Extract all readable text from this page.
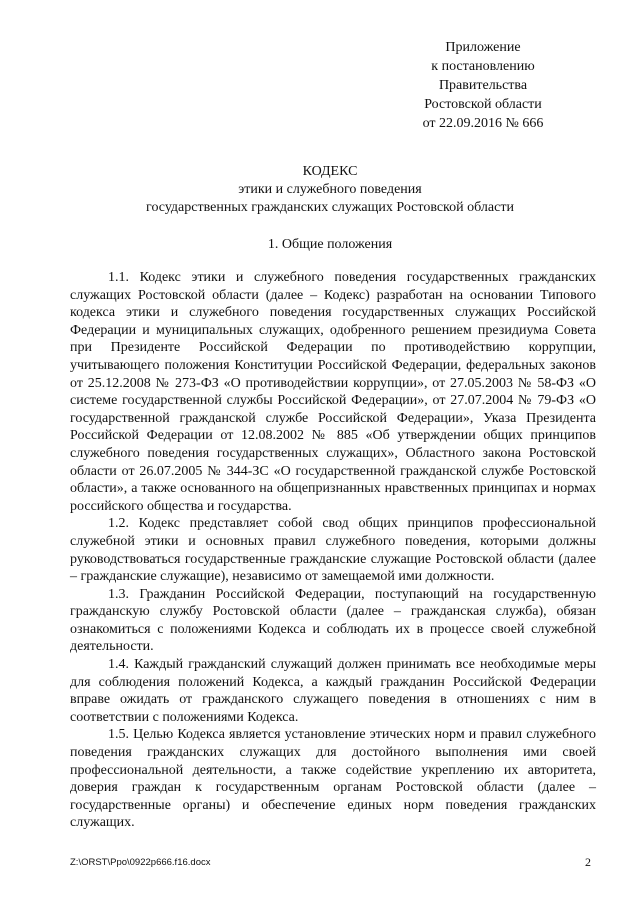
Приложение
к постановлению
Правительства
Ростовской области
от 22.09.2016 № 666
КОДЕКС
этики и служебного поведения
государственных гражданских служащих Ростовской области
1. Общие положения

1.1. Кодекс этики и служебного поведения государственных гражданских служащих Ростовской области (далее – Кодекс) разработан на основании Типового кодекса этики и служебного поведения государственных служащих Российской Федерации и муниципальных служащих, одобренного решением президиума Совета при Президенте Российской Федерации по противодействию коррупции, учитывающего положения Конституции Российской Федерации, федеральных законов от 25.12.2008 № 273-ФЗ «О противодействии коррупции», от 27.05.2003 № 58-ФЗ «О системе государственной службы Российской Федерации», от 27.07.2004 № 79-ФЗ «О государственной гражданской службе Российской Федерации», Указа Президента Российской Федерации от 12.08.2002 № 885 «Об утверждении общих принципов служебного поведения государственных служащих», Областного закона Ростовской области от 26.07.2005 № 344-ЗС «О государственной гражданской службе Ростовской области», а также основанного на общепризнанных нравственных принципах и нормах российского общества и государства.

1.2. Кодекс представляет собой свод общих принципов профессиональной служебной этики и основных правил служебного поведения, которыми должны руководствоваться государственные гражданские служащие Ростовской области (далее – гражданские служащие), независимо от замещаемой ими должности.

1.3. Гражданин Российской Федерации, поступающий на государственную гражданскую службу Ростовской области (далее – гражданская служба), обязан ознакомиться с положениями Кодекса и соблюдать их в процессе своей служебной деятельности.

1.4. Каждый гражданский служащий должен принимать все необходимые меры для соблюдения положений Кодекса, а каждый гражданин Российской Федерации вправе ожидать от гражданского служащего поведения в отношениях с ним в соответствии с положениями Кодекса.

1.5. Целью Кодекса является установление этических норм и правил служебного поведения гражданских служащих для достойного выполнения ими своей профессиональной деятельности, а также содействие укреплению их авторитета, доверия граждан к государственным органам Ростовской области (далее – государственные органы) и обеспечение единых норм поведения гражданских служащих.

Z:\ORST\Ppo\0922p666.f16.docx	2
